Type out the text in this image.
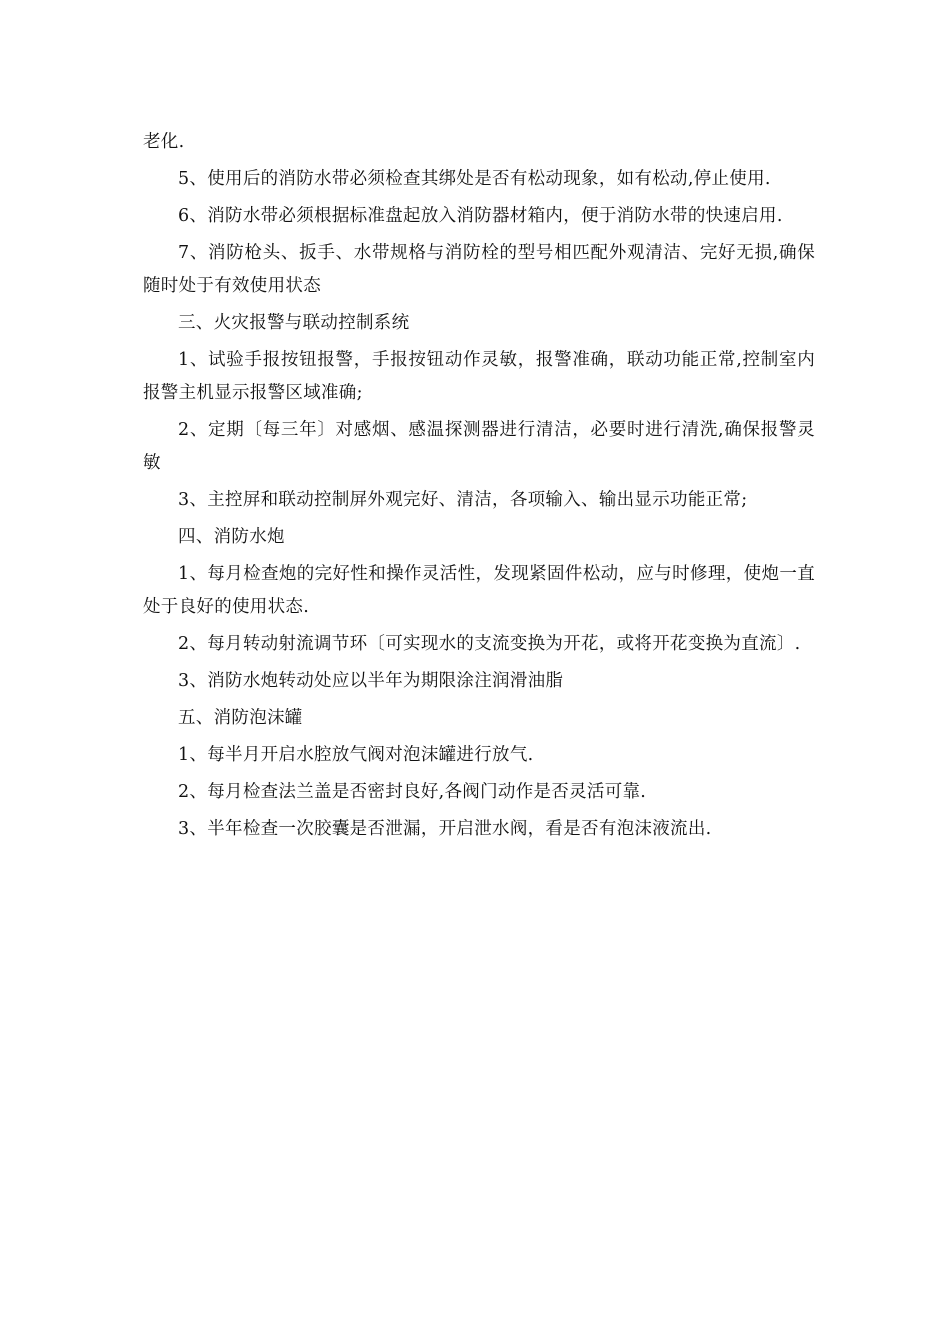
老化.

5、使用后的消防水带必须检查其绑处是否有松动现象，如有松动,停止使用.

6、消防水带必须根据标准盘起放入消防器材箱内，便于消防水带的快速启用.

7、消防枪头、扳手、水带规格与消防栓的型号相匹配外观清洁、完好无损,确保随时处于有效使用状态

三、火灾报警与联动控制系统

1、试验手报按钮报警，手报按钮动作灵敏，报警准确，联动功能正常,控制室内报警主机显示报警区域准确;

2、定期〔每三年〕对感烟、感温探测器进行清洁，必要时进行清洗,确保报警灵敏

3、主控屏和联动控制屏外观完好、清洁，各项输入、输出显示功能正常;

四、消防水炮

1、每月检查炮的完好性和操作灵活性，发现紧固件松动，应与时修理，使炮一直处于良好的使用状态.

2、每月转动射流调节环〔可实现水的支流变换为开花，或将开花变换为直流〕.

3、消防水炮转动处应以半年为期限涂注润滑油脂

五、消防泡沫罐

1、每半月开启水腔放气阀对泡沫罐进行放气.

2、每月检查法兰盖是否密封良好,各阀门动作是否灵活可靠.

3、半年检查一次胶囊是否泄漏，开启泄水阀，看是否有泡沫液流出.
